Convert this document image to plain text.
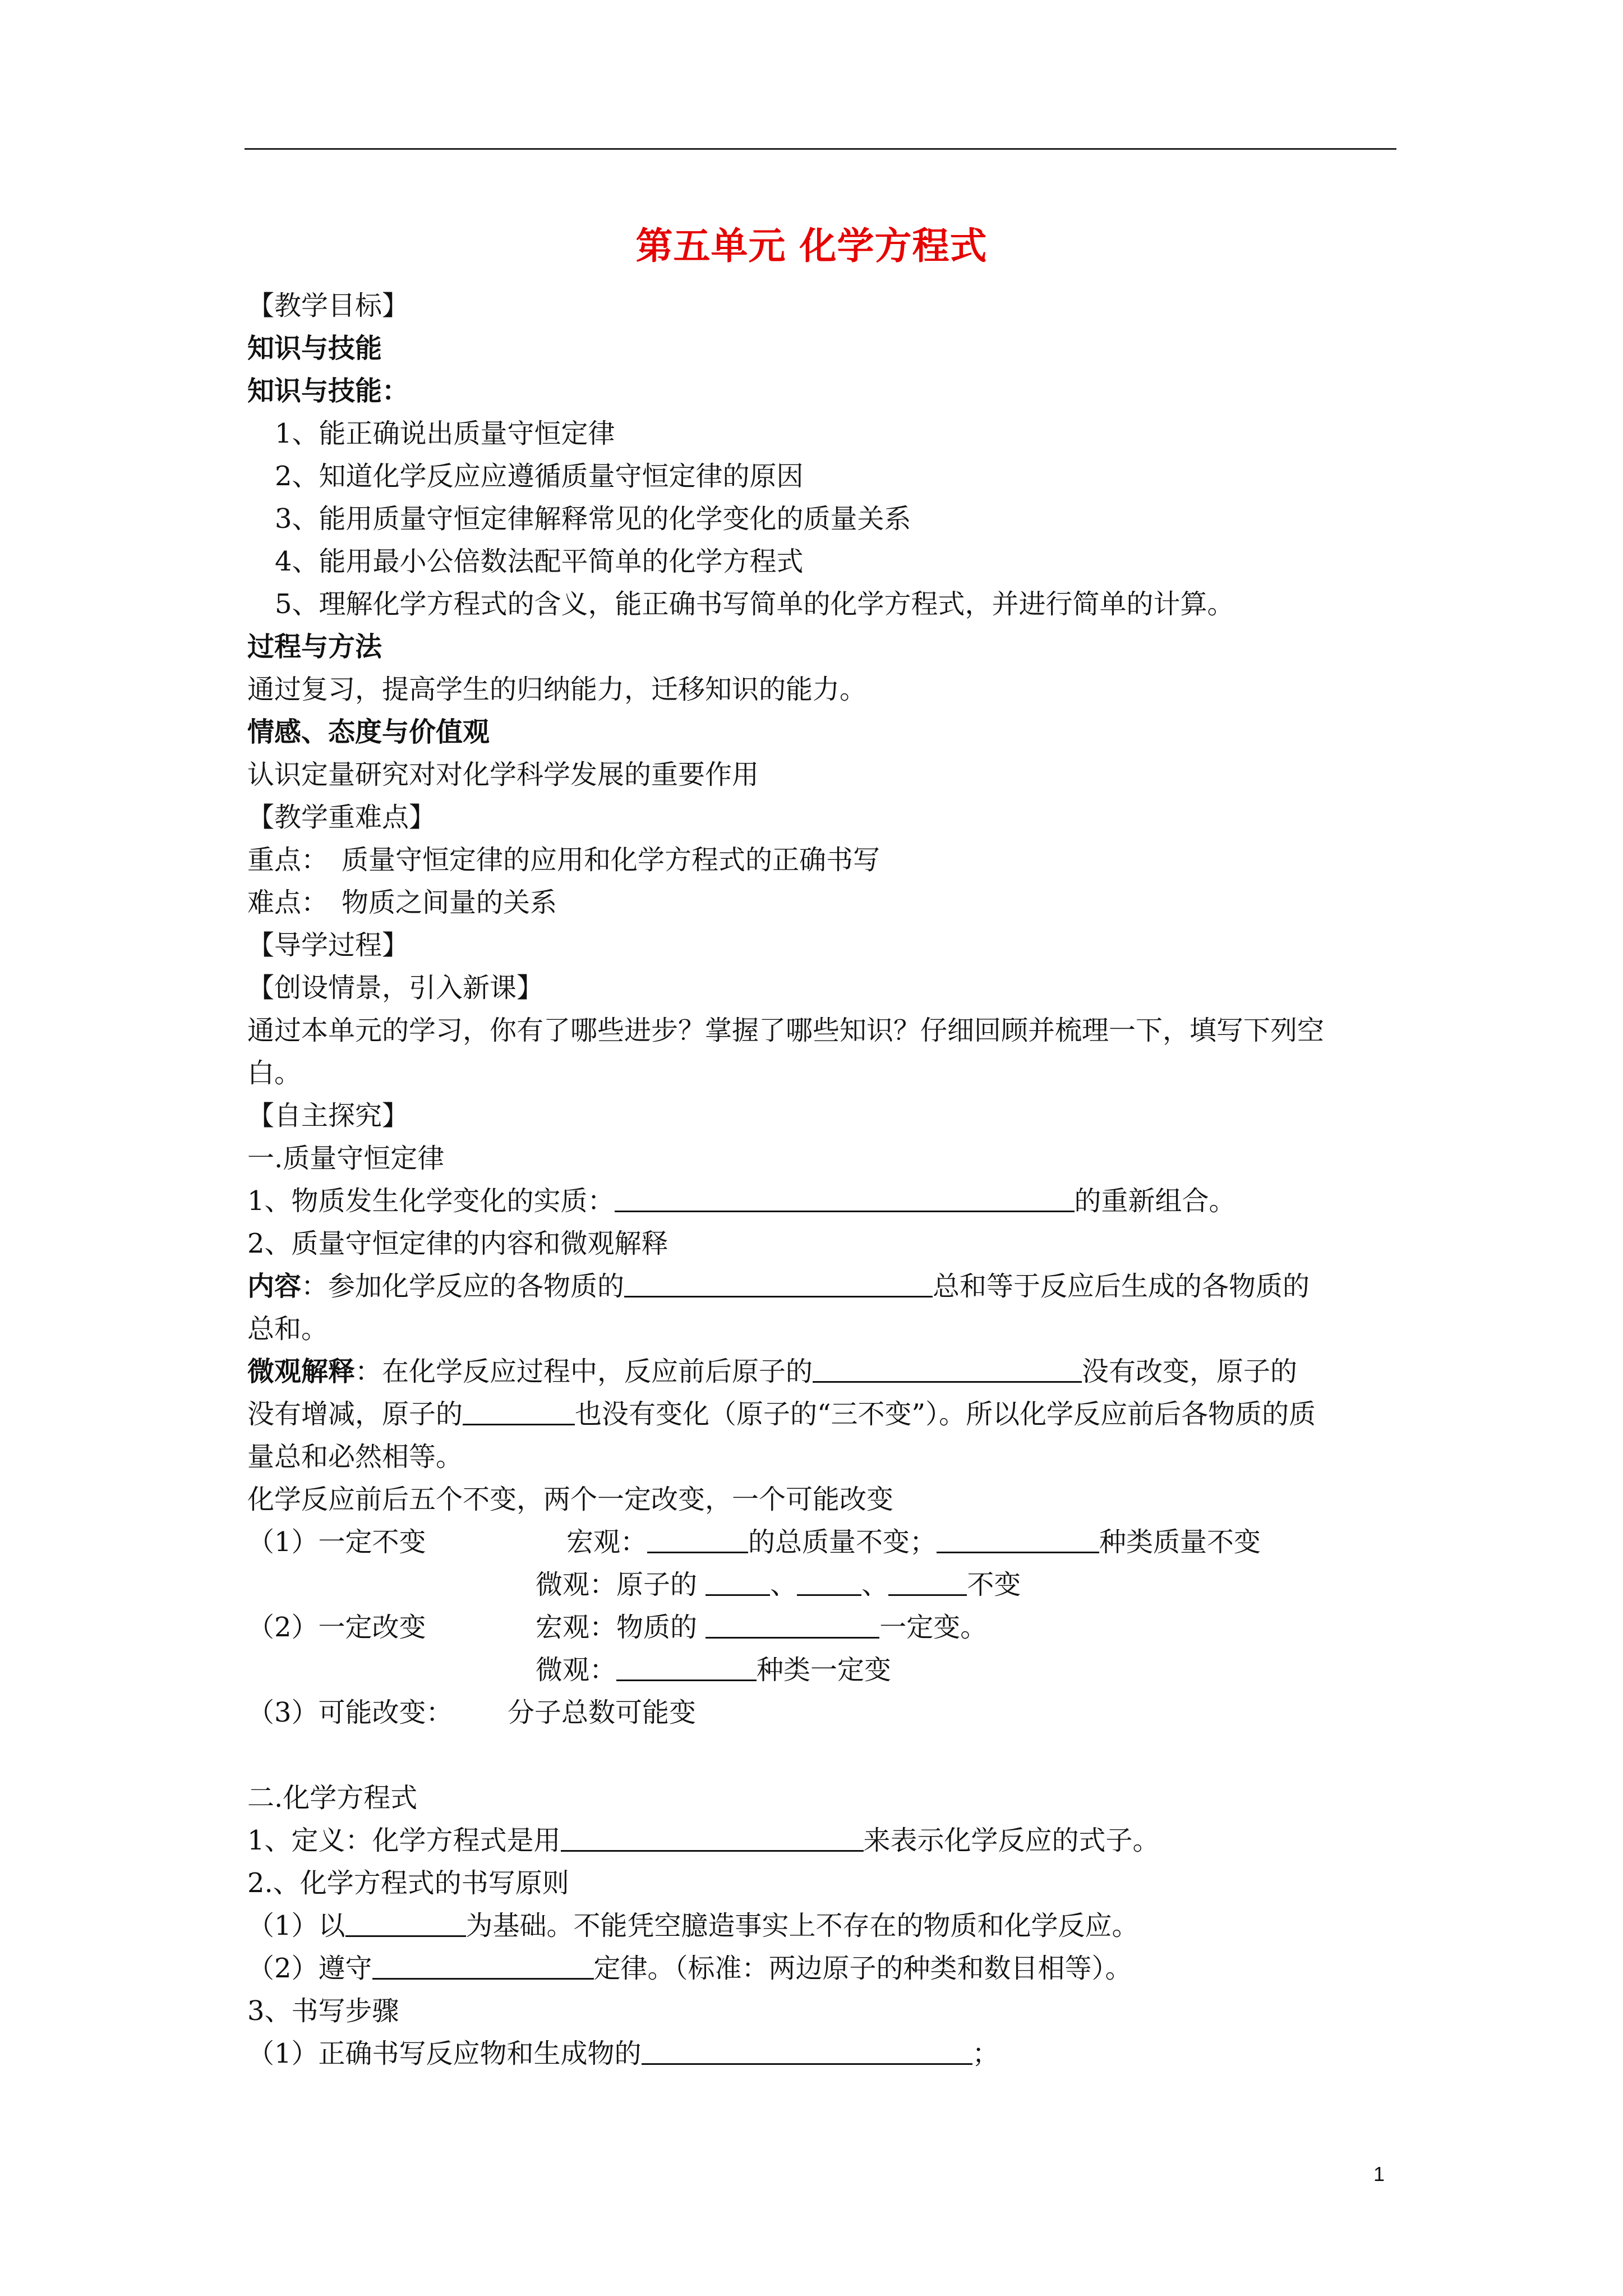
第五单元 化学方程式
【教学目标】
知识与技能
知识与技能：
1、能正确说出质量守恒定律
2、知道化学反应应遵循质量守恒定律的原因
3、能用质量守恒定律解释常见的化学变化的质量关系
4、能用最小公倍数法配平简单的化学方程式
5、理解化学方程式的含义，能正确书写简单的化学方程式，并进行简单的计算。
过程与方法
通过复习，提高学生的归纳能力，迁移知识的能力。
情感、态度与价值观
认识定量研究对对化学科学发展的重要作用
【教学重难点】
重点：　质量守恒定律的应用和化学方程式的正确书写
难点：　物质之间量的关系
【导学过程】
【创设情景，引入新课】
通过本单元的学习，你有了哪些进步？掌握了哪些知识？仔细回顾并梳理一下，填写下列空
白。
【自主探究】
一.质量守恒定律
1、物质发生化学变化的实质：	的重新组合。
2、质量守恒定律的内容和微观解释
内容：参加化学反应的各物质的	总和等于反应后生成的各物质的
总和。
微观解释：在化学反应过程中，反应前后原子的	没有改变，原子的
没有增减，原子的	也没有变化（原子的“三不变”）。所以化学反应前后各物质的质
量总和必然相等。
化学反应前后五个不变，两个一定改变，一个可能改变
（1）一定不变	宏观：	的总质量不变；	种类质量不变
微观：原子的	、 、	不变
（2）一定改变	宏观：物质的	一定变。
微观：	种类一定变
（3）可能改变： 分子总数可能变
二.化学方程式
1、定义：化学方程式是用	来表示化学反应的式子。
2.、化学方程式的书写原则
（1）以	为基础。不能凭空臆造事实上不存在的物质和化学反应。
（2）遵守	定律。（标准：两边原子的种类和数目相等）。
3、书写步骤
（1）正确书写反应物和生成物的	；
1
